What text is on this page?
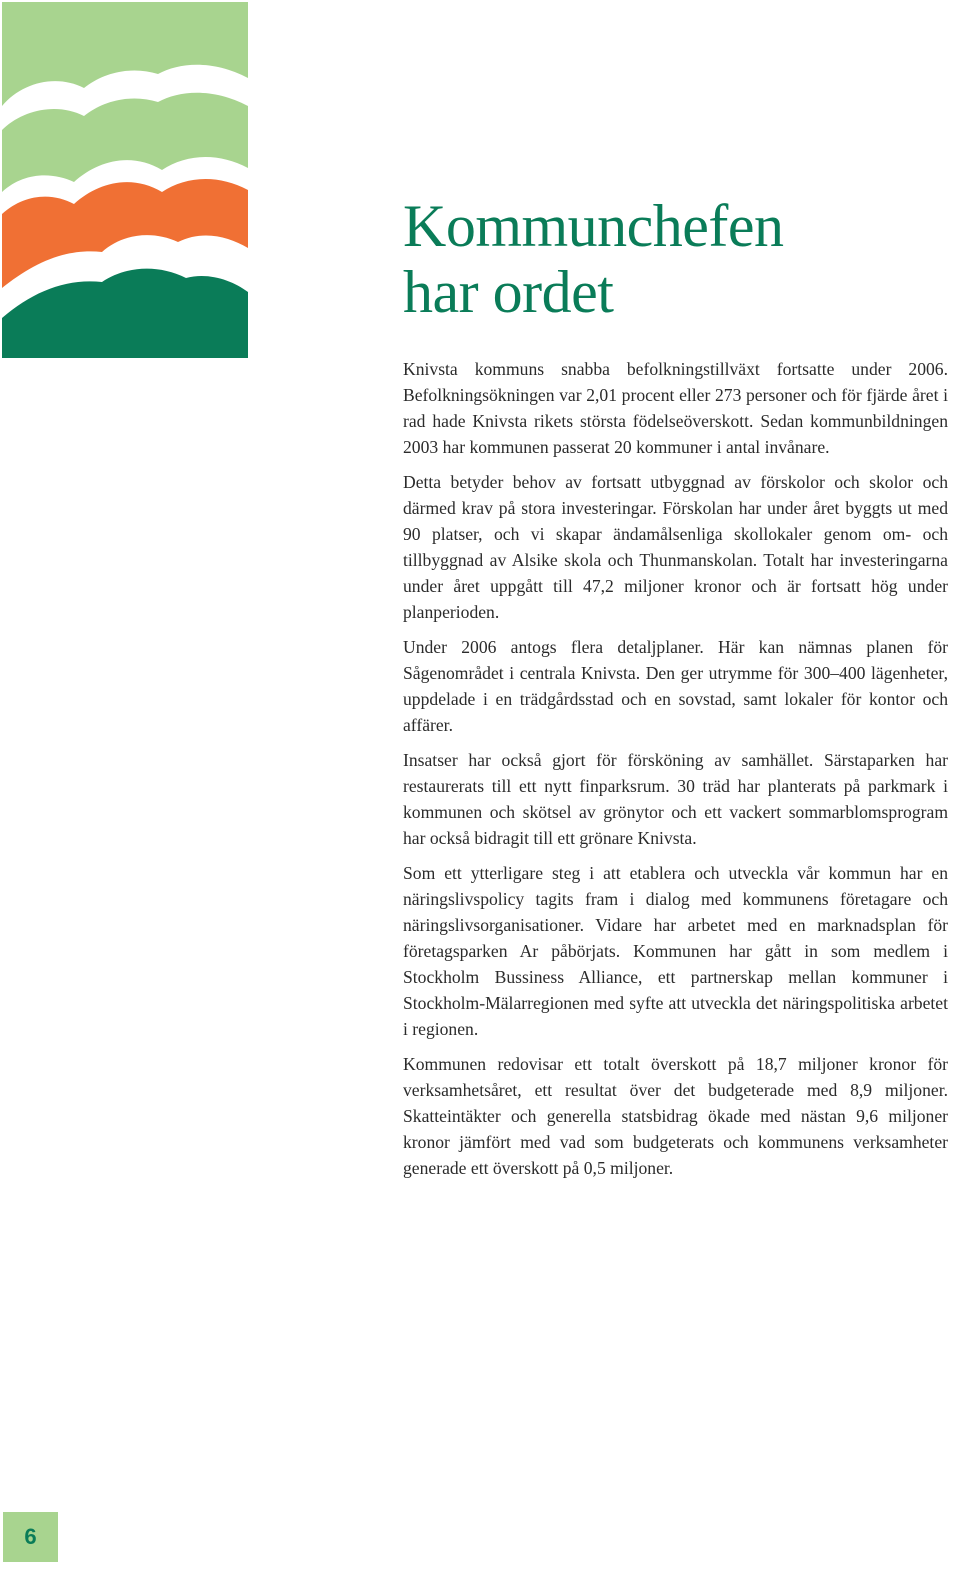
Kommunchefen
har ordet

Knivsta kommuns snabba befolkningstillväxt fortsatte under 2006. Befolkningsökningen var 2,01 procent eller 273 personer och för fjärde året i rad hade Knivsta rikets största födelseöverskott. Sedan kommunbildningen 2003 har kommunen passerat 20 kommuner i antal invånare.

Detta betyder behov av fortsatt utbyggnad av förskolor och skolor och därmed krav på stora investeringar. Förskolan har under året byggts ut med 90 platser, och vi skapar ändamålsenliga skollokaler genom om- och tillbyggnad av Alsike skola och Thunmanskolan. Totalt har investeringarna under året uppgått till 47,2 miljoner kronor och är fortsatt hög under planperioden.

Under 2006 antogs flera detaljplaner. Här kan nämnas planen för Sågenområdet i centrala Knivsta. Den ger utrymme för 300–400 lägenheter, uppdelade i en trädgårdsstad och en sovstad, samt lokaler för kontor och affärer.

Insatser har också gjort för försköning av samhället. Särstaparken har restaurerats till ett nytt finparksrum. 30 träd har planterats på parkmark i kommunen och skötsel av grönytor och ett vackert sommarblomsprogram har också bidragit till ett grönare Knivsta.

Som ett ytterligare steg i att etablera och utveckla vår kommun har en näringslivspolicy tagits fram i dialog med kommunens företagare och näringslivsorganisationer. Vidare har arbetet med en marknadsplan för företagsparken Ar påbörjats. Kommunen har gått in som medlem i Stockholm Bussiness Alliance, ett partnerskap mellan kommuner i Stockholm-Mälarregionen med syfte att utveckla det näringspolitiska arbetet i regionen.

Kommunen redovisar ett totalt överskott på 18,7 miljoner kronor för verksamhetsåret, ett resultat över det budgeterade med 8,9 miljoner. Skatteintäkter och generella statsbidrag ökade med nästan 9,6 miljoner kronor jämfört med vad som budgeterats och kommunens verksamheter generade ett överskott på 0,5 miljoner.

6
